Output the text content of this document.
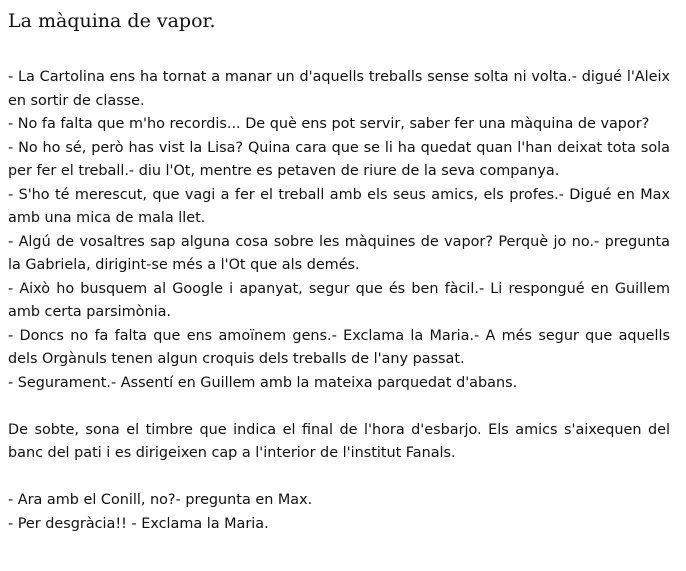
La màquina de vapor.

- La Cartolina ens ha tornat a manar un d'aquells treballs sense solta ni volta.- digué l'Aleix en sortir de classe.

- No fa falta que m'ho recordis... De què ens pot servir, saber fer una màquina de vapor?

- No ho sé, però has vist la Lisa? Quina cara que se li ha quedat quan l'han deixat tota sola per fer el treball.- diu l'Ot, mentre es petaven de riure de la seva companya.

- S'ho té merescut, que vagi a fer el treball amb els seus amics, els profes.- Digué en Max amb una mica de mala llet.

- Algú de vosaltres sap alguna cosa sobre les màquines de vapor? Perquè jo no.- pregunta la Gabriela, dirigint-se més a l'Ot que als demés.

- Això ho busquem al Google i apanyat, segur que és ben fàcil.- Li respongué en Guillem amb certa parsimònia.

- Doncs no fa falta que ens amoïnem gens.- Exclama la Maria.- A més segur que aquells dels Orgànuls tenen algun croquis dels treballs de l'any passat.

- Segurament.- Assentí en Guillem amb la mateixa parquedat d'abans.

De sobte, sona el timbre que indica el final de l'hora d'esbarjo. Els amics s'aixequen del banc del pati i es dirigeixen cap a l'interior de l'institut Fanals.

- Ara amb el Conill, no?- pregunta en Max.

- Per desgràcia!! - Exclama la Maria.
